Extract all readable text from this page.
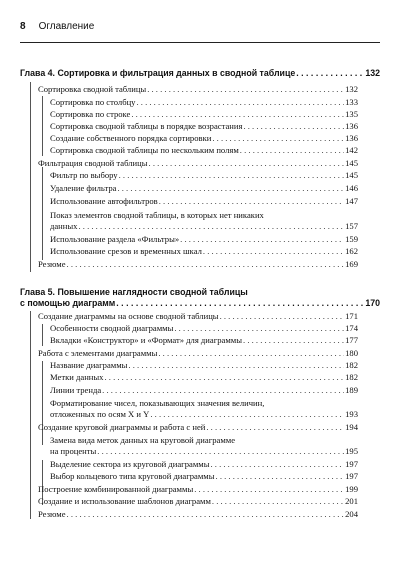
8 Оглавление
Глава 4. Сортировка и фильтрация данных в сводной таблице . . .	132
Сортировка сводной таблицы . . .	132
Сортировка по столбцу . . .	133
Сортировка по строке . . .	135
Сортировка сводной таблицы в порядке возрастания . . .	136
Создание собственного порядка сортировки . . .	136
Сортировка сводной таблицы по нескольким полям . . .	142
Фильтрация сводной таблицы . . .	145
Фильтр по выбору . . .	145
Удаление фильтра . . .	146
Использование автофильтров . . .	147
Показ элементов сводной таблицы, в которых нет никаких
данных . . .	157
Использование раздела «Фильтры» . . .	159
Использование срезов и временных шкал . . .	162
Резюме . . .	169
Глава 5. Повышение наглядности сводной таблицы
с помощью диаграмм . . .	170
Создание диаграммы на основе сводной таблицы . . .	171
Особенности сводной диаграммы . . .	174
Вкладки «Конструктор» и «Формат» для диаграммы . . .	177
Работа с элементами диаграммы . . .	180
Название диаграммы . . .	182
Метки данных . . .	182
Линии тренда . . .	189
Форматирование чисел, показывающих значения величин,
отложенных по осям X и Y . . .	193
Создание круговой диаграммы и работа с ней . . .	194
Замена вида меток данных на круговой диаграмме
на проценты . . .	195
Выделение сектора из круговой диаграммы . . .	197
Выбор кольцевого типа круговой диаграммы . . .	197
Построение комбинированной диаграммы . . .	199
Создание и использование шаблонов диаграмм . . .	201
Резюме . . .	204
